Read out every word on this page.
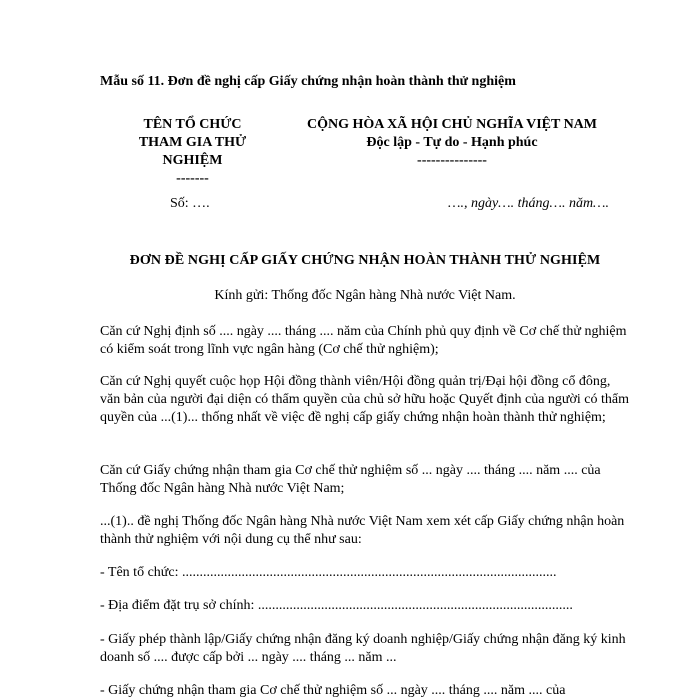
Mẫu số 11. Đơn đề nghị cấp Giấy chứng nhận hoàn thành thử nghiệm
TÊN TỔ CHỨC
THAM GIA THỬ
NGHIỆM
-------
CỘNG HÒA XÃ HỘI CHỦ NGHĨA VIỆT NAM
Độc lập - Tự do - Hạnh phúc
---------------
Số: ….	…., ngày…. tháng…. năm….
ĐƠN ĐỀ NGHỊ CẤP GIẤY CHỨNG NHẬN HOÀN THÀNH THỬ NGHIỆM
Kính gửi: Thống đốc Ngân hàng Nhà nước Việt Nam.
Căn cứ Nghị định số .... ngày .... tháng .... năm của Chính phủ quy định về Cơ chế thử nghiệm có kiểm soát trong lĩnh vực ngân hàng (Cơ chế thử nghiệm);
Căn cứ Nghị quyết cuộc họp Hội đồng thành viên/Hội đồng quản trị/Đại hội đồng cổ đông, văn bản của người đại diện có thẩm quyền của chủ sở hữu hoặc Quyết định của người có thẩm quyền của ...(1)... thống nhất về việc đề nghị cấp giấy chứng nhận hoàn thành thử nghiệm;
Căn cứ Giấy chứng nhận tham gia Cơ chế thử nghiệm số ... ngày .... tháng .... năm .... của Thống đốc Ngân hàng Nhà nước Việt Nam;
...(1).. đề nghị Thống đốc Ngân hàng Nhà nước Việt Nam xem xét cấp Giấy chứng nhận hoàn thành thử nghiệm với nội dung cụ thể như sau:
- Tên tổ chức: ...........................................................................................................
- Địa điểm đặt trụ sở chính: ..........................................................................................
- Giấy phép thành lập/Giấy chứng nhận đăng ký doanh nghiệp/Giấy chứng nhận đăng ký kinh doanh số .... được cấp bởi ... ngày .... tháng ... năm ...
- Giấy chứng nhận tham gia Cơ chế thử nghiệm số ... ngày .... tháng .... năm .... của
